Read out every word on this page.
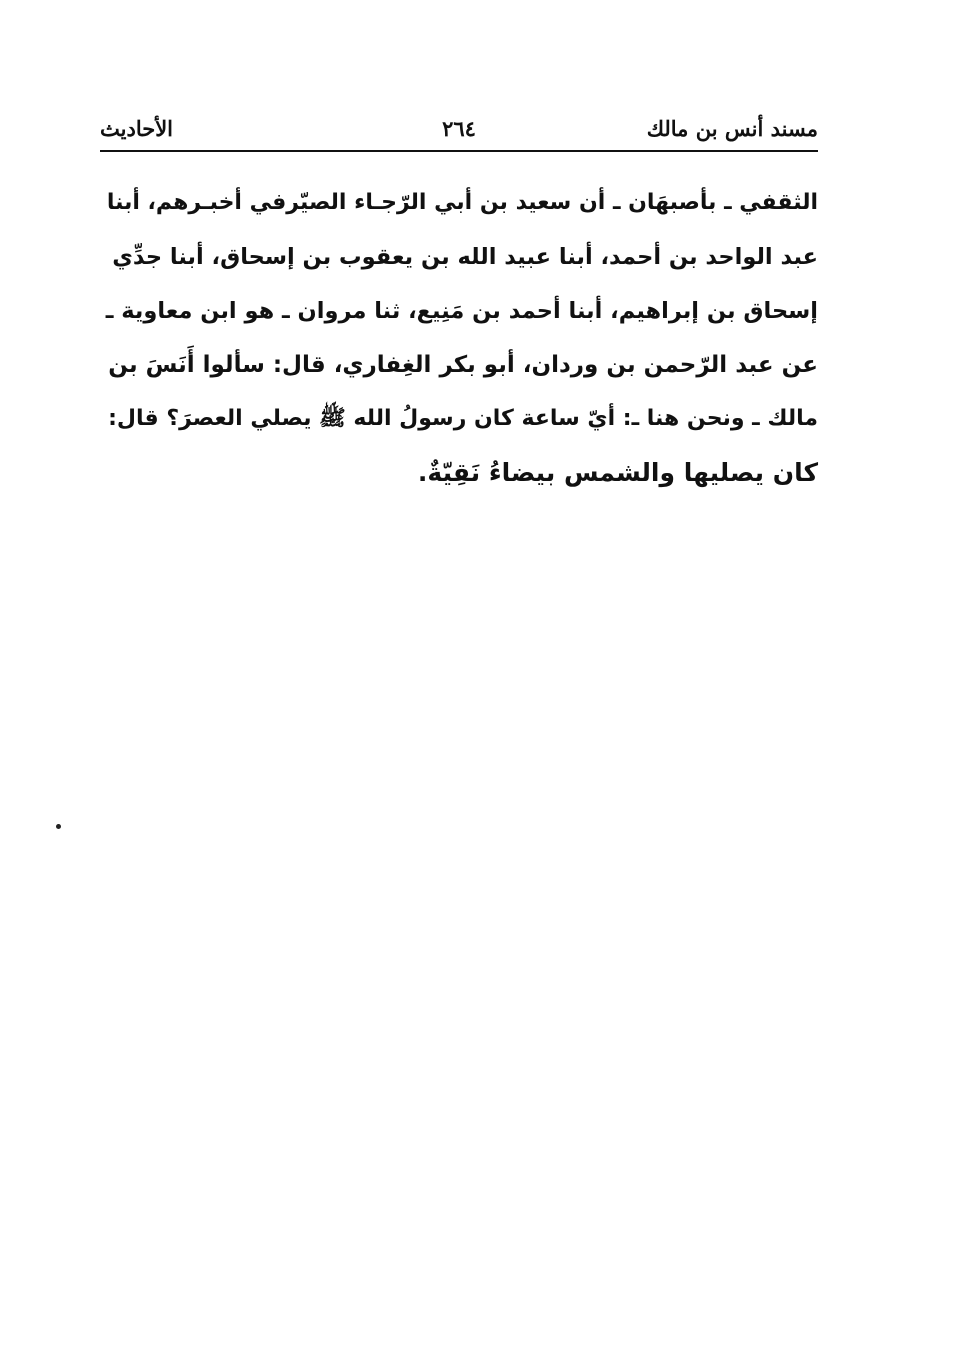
مسند أنس بن مالك
٢٦٤
الأحاديث
الثقفي ـ بأصبهَان ـ أن سعيد بن أبي الرّجـاء الصيّرفي أخبـرهم، أبنا
عبد الواحد بن أحمد، أبنا عبيد الله بن يعقوب بن إسحاق، أبنا جدِّي
إسحاق بن إبراهيم، أبنا أحمد بن مَنِيع، ثنا مروان ـ هو ابن معاوية ـ
عن عبد الرّحمن بن وردان، أبو بكر الغِفاري، قال: سألوا أَنَسَ بن
مالك ـ ونحن هنا ـ: أيّ ساعة كان رسولُ الله ﷺ يصلي العصرَ؟ قال:
كان يصليها والشمس بيضاءُ نَقِيّةٌ.
